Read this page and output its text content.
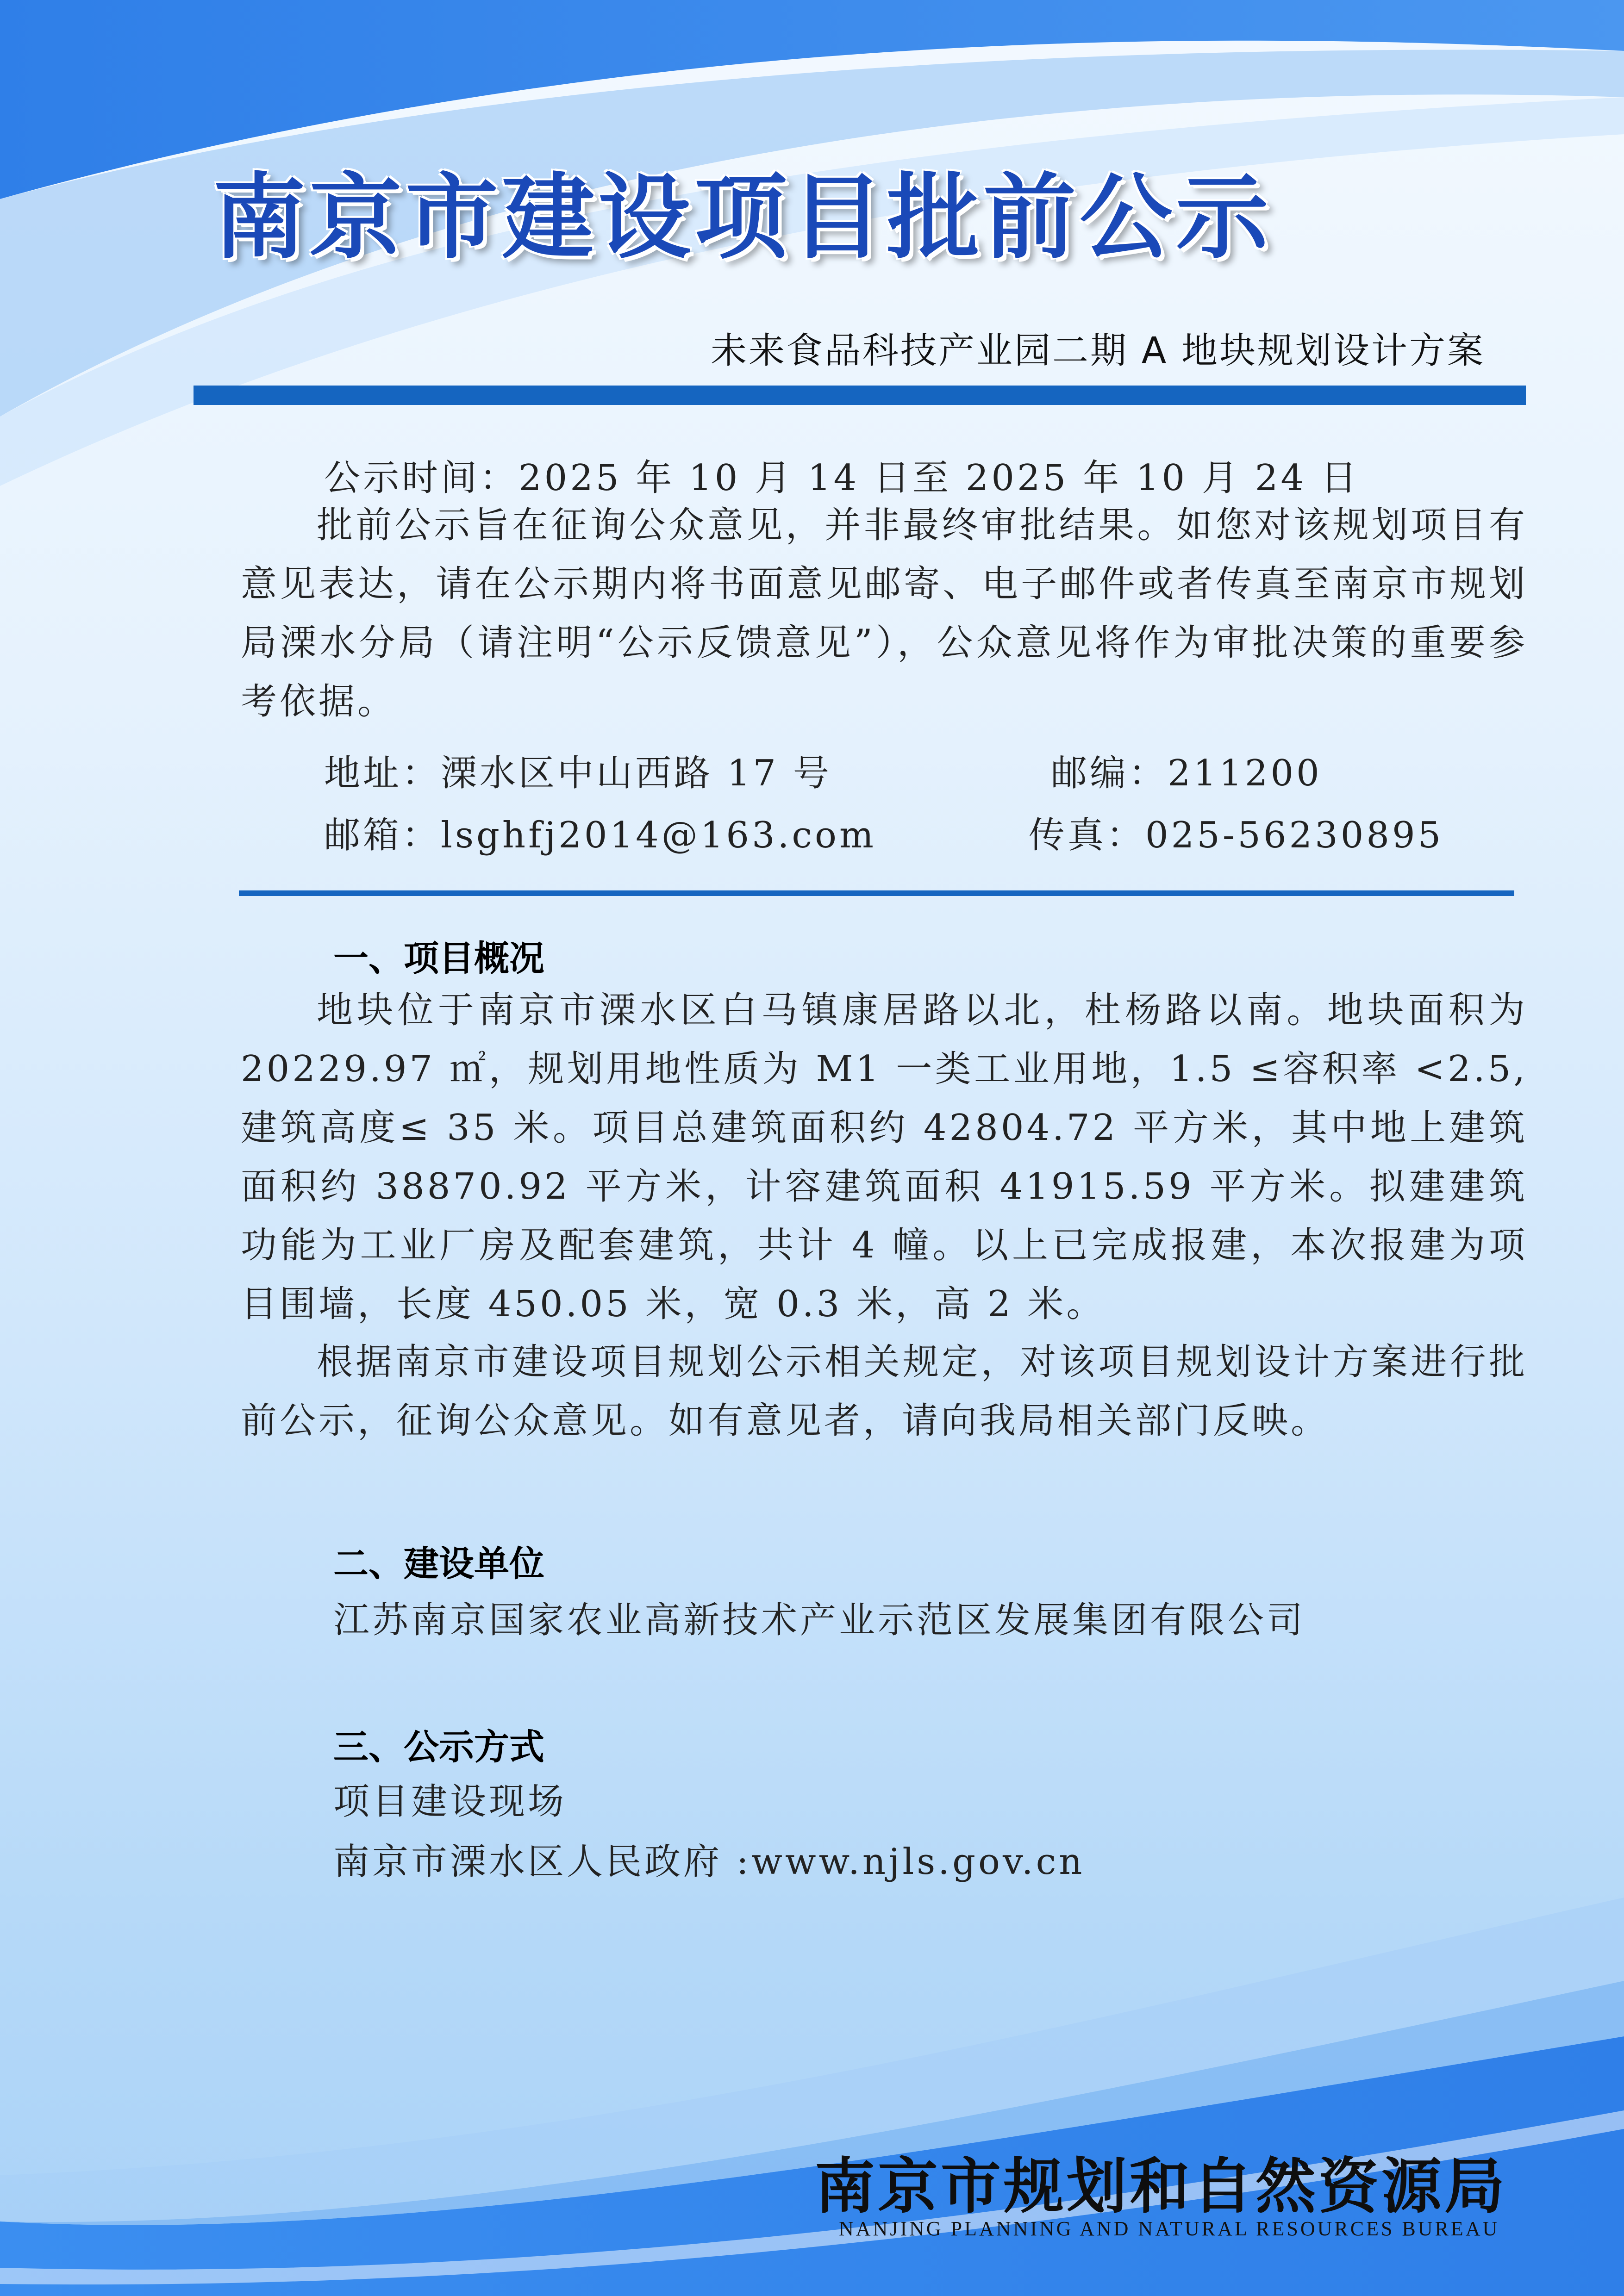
南京市建设项目批前公示
未来食品科技产业园二期 A 地块规划设计方案
公示时间：2025 年 10 月 14 日至 2025 年 10 月 24 日
批前公示旨在征询公众意见，并非最终审批结果。如您对该规划项目有意见表达，请在公示期内将书面意见邮寄、电子邮件或者传真至南京市规划局溧水分局（请注明“公示反馈意见”），公众意见将作为审批决策的重要参考依据。
地址：溧水区中山西路 17 号	邮编：211200
邮箱：lsghfj2014@163.com	传真：025-56230895
一、项目概况
地块位于南京市溧水区白马镇康居路以北，杜杨路以南。地块面积为 20229.97 ㎡，规划用地性质为 M1 一类工业用地，1.5 ≤容积率 <2.5, 建筑高度≤ 35 米。项目总建筑面积约 42804.72 平方米，其中地上建筑面积约 38870.92 平方米，计容建筑面积 41915.59 平方米。拟建建筑功能为工业厂房及配套建筑，共计 4 幢。以上已完成报建，本次报建为项目围墙，长度 450.05 米，宽 0.3 米，高 2 米。
根据南京市建设项目规划公示相关规定，对该项目规划设计方案进行批前公示，征询公众意见。如有意见者，请向我局相关部门反映。
二、建设单位
江苏南京国家农业高新技术产业示范区发展集团有限公司
三、公示方式
项目建设现场
南京市溧水区人民政府 :www.njls.gov.cn
南京市规划和自然资源局
NANJING PLANNING AND NATURAL RESOURCES BUREAU
